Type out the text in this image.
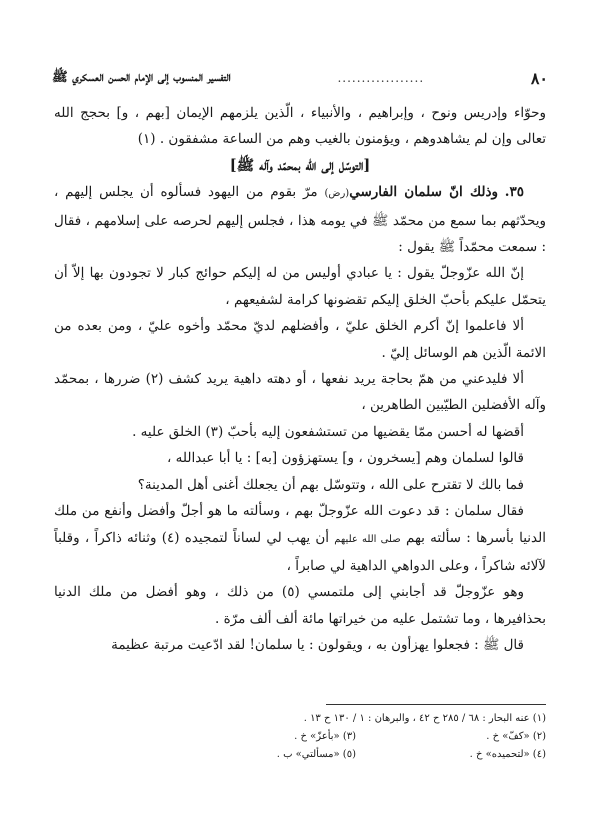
٨٠
..................
التفسير المنسوب إلى الإمام الحسن العسكري ﷺ

وحوّاء وإدريس ونوح ، وإبراهيم ، والأنبياء ، الّذين يلزمهم الإيمان [بهم ، و] بحجج الله تعالى وإن لم يشاهدوهم ، ويؤمنون بالغيب وهم من الساعة مشفقون . (١)

[التوسّل إلى الله بمحمّد وآله ﷺ]

٣٥. وذلك انّ سلمان الفارسي(رض) مرّ بقوم من اليهود فسألوه أن يجلس إليهم ، ويحدّثهم بما سمع من محمّد ﷺ في يومه هذا ، فجلس إليهم لحرصه على إسلامهم ، فقال : سمعت محمّداً ﷺ يقول :

إنّ الله عزّوجلّ يقول : يا عبادي أوليس من له إليكم حوائج كبار لا تجودون بها إلاّ أن يتحمّل عليكم بأحبّ الخلق إليكم تقضونها كرامة لشفيعهم ،

ألا فاعلموا إنّ أكرم الخلق عليّ ، وأفضلهم لديّ محمّد وأخوه عليّ ، ومن بعده من الائمة الّذين هم الوسائل إليّ .

ألا فليدعني من همّ بحاجة يريد نفعها ، أو دهته داهية يريد كشف (٢) ضررها ، بمحمّد وآله الأفضلين الطيّبين الطاهرين ،

أقضها له أحسن ممّا يقضيها من تستشفعون إليه بأحبّ (٣) الخلق عليه .

قالوا لسلمان وهم [يسخرون ، و] يستهزؤون [به] : يا أبا عبدالله ،

فما بالك لا تقترح على الله ، وتتوسّل بهم أن يجعلك أغنى أهل المدينة؟

فقال سلمان : قد دعوت الله عزّوجلّ بهم ، وسألته ما هو أجلّ وأفضل وأنفع من ملك الدنيا بأسرها : سألته بهم صلى الله عليهم أن يهب لي لساناً لتمجيده (٤) وثنائه ذاكراً ، وقلباً لآلائه شاكراً ، وعلى الدواهي الداهية لي صابراً ،

وهو عزّوجلّ قد أجابني إلى ملتمسي (٥) من ذلك ، وهو أفضل من ملك الدنيا بحذافيرها ، وما تشتمل عليه من خيراتها مائة ألف ألف مرّة .

قال ﷺ : فجعلوا يهزأون به ، ويقولون : يا سلمان! لقد ادّعيت مرتبة عظيمة

(١) عنه البحار : ٦٨ / ٢٨٥ ح ٤٢ ، والبرهان : ١ / ١٣٠ ح ١٣ .
(٢) «كفّ» خ .
(٣) «بأعزّ» خ .
(٤) «لتحميده» خ .
(٥) «مسألتي» ب .
